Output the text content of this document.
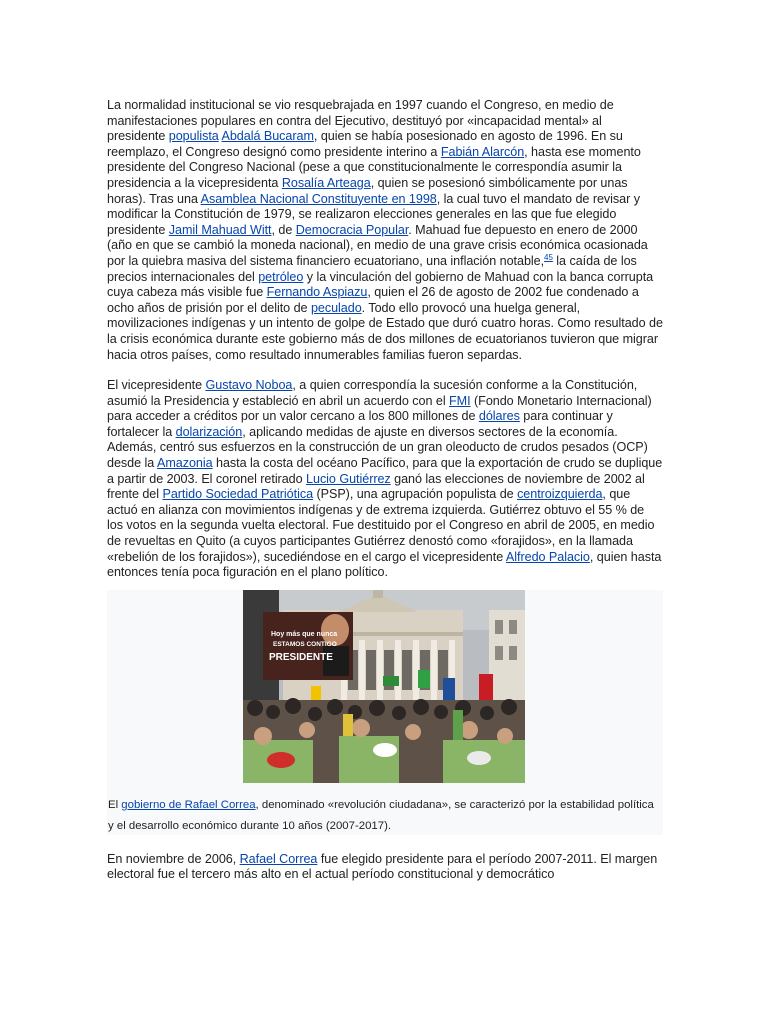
La normalidad institucional se vio resquebrajada en 1997 cuando el Congreso, en medio de manifestaciones populares en contra del Ejecutivo, destituyó por «incapacidad mental» al presidente populista Abdalá Bucaram, quien se había posesionado en agosto de 1996. En su reemplazo, el Congreso designó como presidente interino a Fabián Alarcón, hasta ese momento presidente del Congreso Nacional (pese a que constitucionalmente le correspondía asumir la presidencia a la vicepresidenta Rosalía Arteaga, quien se posesionó simbólicamente por unas horas). Tras una Asamblea Nacional Constituyente en 1998, la cual tuvo el mandato de revisar y modificar la Constitución de 1979, se realizaron elecciones generales en las que fue elegido presidente Jamil Mahuad Witt, de Democracia Popular. Mahuad fue depuesto en enero de 2000 (año en que se cambió la moneda nacional), en medio de una grave crisis económica ocasionada por la quiebra masiva del sistema financiero ecuatoriano, una inflación notable,$^{45}$ la caída de los precios internacionales del petróleo y la vinculación del gobierno de Mahuad con la banca corrupta cuya cabeza más visible fue Fernando Aspiazu, quien el 26 de agosto de 2002 fue condenado a ocho años de prisión por el delito de peculado. Todo ello provocó una huelga general, movilizaciones indígenas y un intento de golpe de Estado que duró cuatro horas. Como resultado de la crisis económica durante este gobierno más de dos millones de ecuatorianos tuvieron que migrar hacia otros países, como resultado innumerables familias fueron separdas.

El vicepresidente Gustavo Noboa, a quien correspondía la sucesión conforme a la Constitución, asumió la Presidencia y estableció en abril un acuerdo con el FMI (Fondo Monetario Internacional) para acceder a créditos por un valor cercano a los 800 millones de dólares para continuar y fortalecer la dolarización, aplicando medidas de ajuste en diversos sectores de la economía. Además, centró sus esfuerzos en la construcción de un gran oleoducto de crudos pesados (OCP) desde la Amazonia hasta la costa del océano Pacífico, para que la exportación de crudo se duplique a partir de 2003. El coronel retirado Lucio Gutiérrez ganó las elecciones de noviembre de 2002 al frente del Partido Sociedad Patriótica (PSP), una agrupación populista de centroizquierda, que actuó en alianza con movimientos indígenas y de extrema izquierda. Gutiérrez obtuvo el 55 % de los votos en la segunda vuelta electoral. Fue destituido por el Congreso en abril de 2005, en medio de revueltas en Quito (a cuyos participantes Gutiérrez denostó como «forajidos», en la llamada «rebelión de los forajidos»), sucediéndose en el cargo el vicepresidente Alfredo Palacio, quien hasta entonces tenía poca figuración en el plano político.

Hoy más que nunca
ESTAMOS CONTIGO
PRESIDENTE
El gobierno de Rafael Correa, denominado «revolución ciudadana», se caracterizó por la estabilidad política y el desarrollo económico durante 10 años (2007-2017).

En noviembre de 2006, Rafael Correa fue elegido presidente para el período 2007-2011. El margen electoral fue el tercero más alto en el actual período constitucional y democrático
